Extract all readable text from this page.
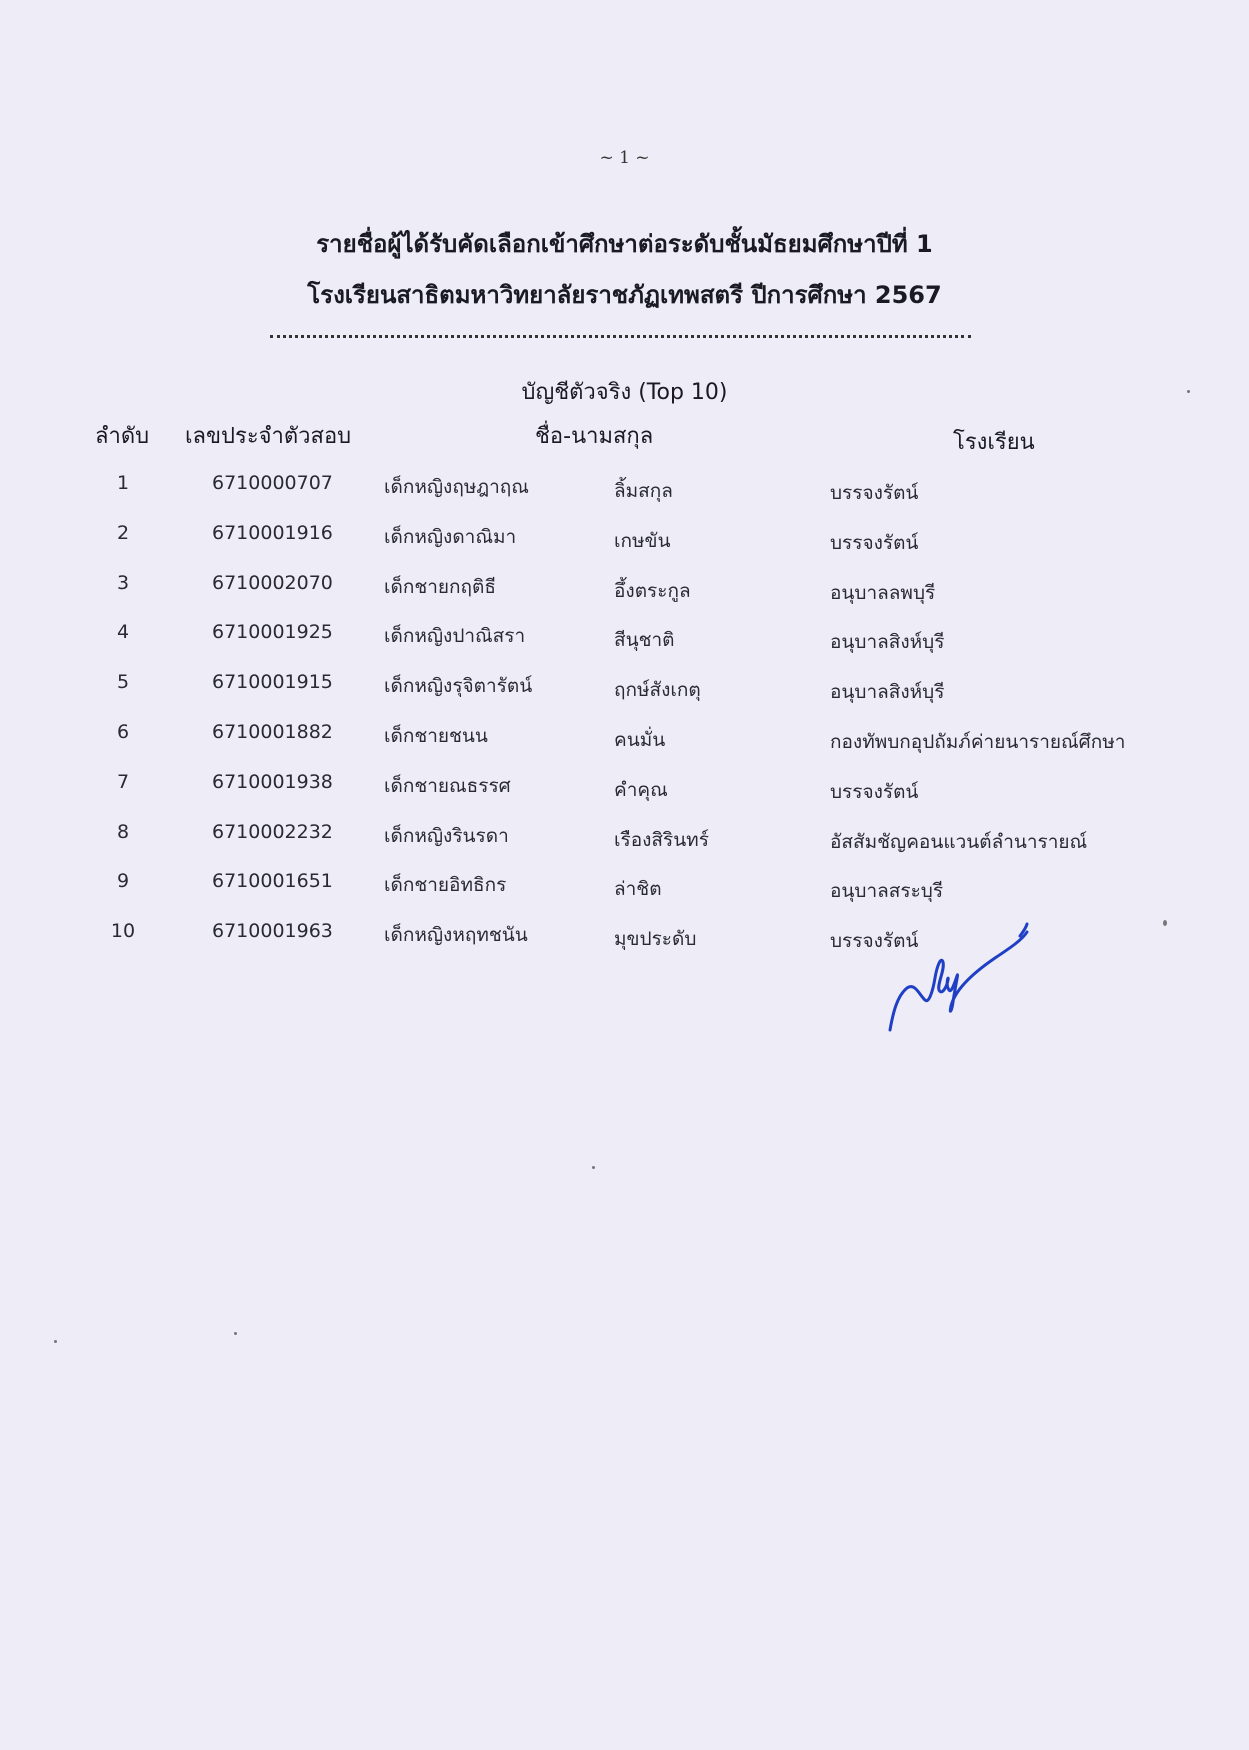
~ 1 ~
รายชื่อผู้ได้รับคัดเลือกเข้าศึกษาต่อระดับชั้นมัธยมศึกษาปีที่ 1
โรงเรียนสาธิตมหาวิทยาลัยราชภัฏเทพสตรี ปีการศึกษา 2567
บัญชีตัวจริง (Top 10)
ลำดับ เลขประจำตัวสอบ	ชื่อ-นามสกุล	โรงเรียน
1	6710000707	เด็กหญิงฤษฎาฤณ	ลิ้มสกุล	บรรจงรัตน์
2	6710001916	เด็กหญิงดาณิมา	เกษขัน	บรรจงรัตน์
3	6710002070	เด็กชายกฤติธี	อึ้งตระกูล	อนุบาลลพบุรี
4	6710001925	เด็กหญิงปาณิสรา	สีนุชาติ	อนุบาลสิงห์บุรี
5	6710001915	เด็กหญิงรุจิตารัตน์	ฤกษ์สังเกตุ	อนุบาลสิงห์บุรี
6	6710001882	เด็กชายชนน	คนมั่น	กองทัพบกอุปถัมภ์ค่ายนารายณ์ศึกษา
7	6710001938	เด็กชายณธรรศ	คำคุณ	บรรจงรัตน์
8	6710002232	เด็กหญิงรินรดา	เรืองสิรินทร์	อัสสัมชัญคอนแวนต์ลำนารายณ์
9	6710001651	เด็กชายอิทธิกร	ล่าชิต	อนุบาลสระบุรี
10	6710001963	เด็กหญิงหฤทชนัน	มุขประดับ	บรรจงรัตน์
